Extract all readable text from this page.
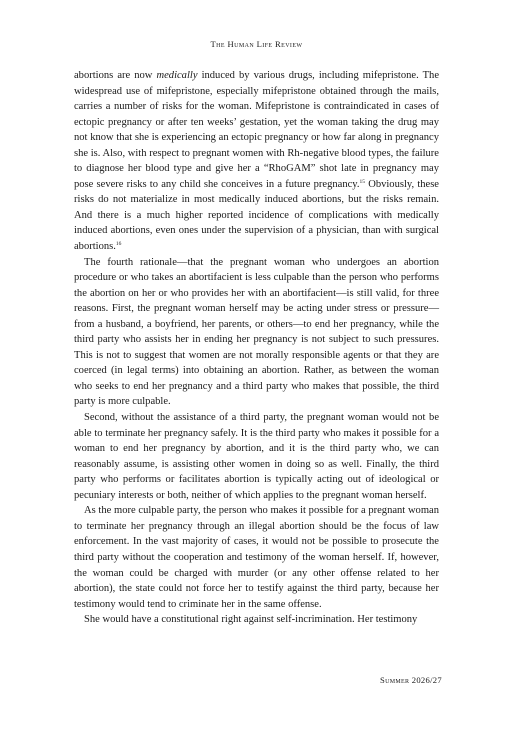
The Human Life Review

abortions are now medically induced by various drugs, including mifepristone. The widespread use of mifepristone, especially mifepristone obtained through the mails, carries a number of risks for the woman. Mifepristone is contraindicated in cases of ectopic pregnancy or after ten weeks’ gestation, yet the woman taking the drug may not know that she is experiencing an ectopic pregnancy or how far along in pregnancy she is. Also, with respect to pregnant women with Rh-negative blood types, the failure to diagnose her blood type and give her a “RhoGAM” shot late in pregnancy may pose severe risks to any child she conceives in a future pregnancy.$^{15}$ Obviously, these risks do not materialize in most medically induced abortions, but the risks remain. And there is a much higher reported incidence of complications with medically induced abortions, even ones under the supervision of a physician, than with surgical abortions.$^{16}$

The fourth rationale—that the pregnant woman who undergoes an abortion procedure or who takes an abortifacient is less culpable than the person who performs the abortion on her or who provides her with an abortifacient—is still valid, for three reasons. First, the pregnant woman herself may be acting under stress or pressure—from a husband, a boyfriend, her parents, or others—to end her pregnancy, while the third party who assists her in ending her pregnancy is not subject to such pressures. This is not to suggest that women are not morally responsible agents or that they are coerced (in legal terms) into obtaining an abortion. Rather, as between the woman who seeks to end her pregnancy and a third party who makes that possible, the third party is more culpable.

Second, without the assistance of a third party, the pregnant woman would not be able to terminate her pregnancy safely. It is the third party who makes it possible for a woman to end her pregnancy by abortion, and it is the third party who, we can reasonably assume, is assisting other women in doing so as well. Finally, the third party who performs or facilitates abortion is typically acting out of ideological or pecuniary interests or both, neither of which applies to the pregnant woman herself.

As the more culpable party, the person who makes it possible for a pregnant woman to terminate her pregnancy through an illegal abortion should be the focus of law enforcement. In the vast majority of cases, it would not be possible to prosecute the third party without the cooperation and testimony of the woman herself. If, however, the woman could be charged with murder (or any other offense related to her abortion), the state could not force her to testify against the third party, because her testimony would tend to criminate her in the same offense.

She would have a constitutional right against self-incrimination. Her testimony

Summer 2026/27
